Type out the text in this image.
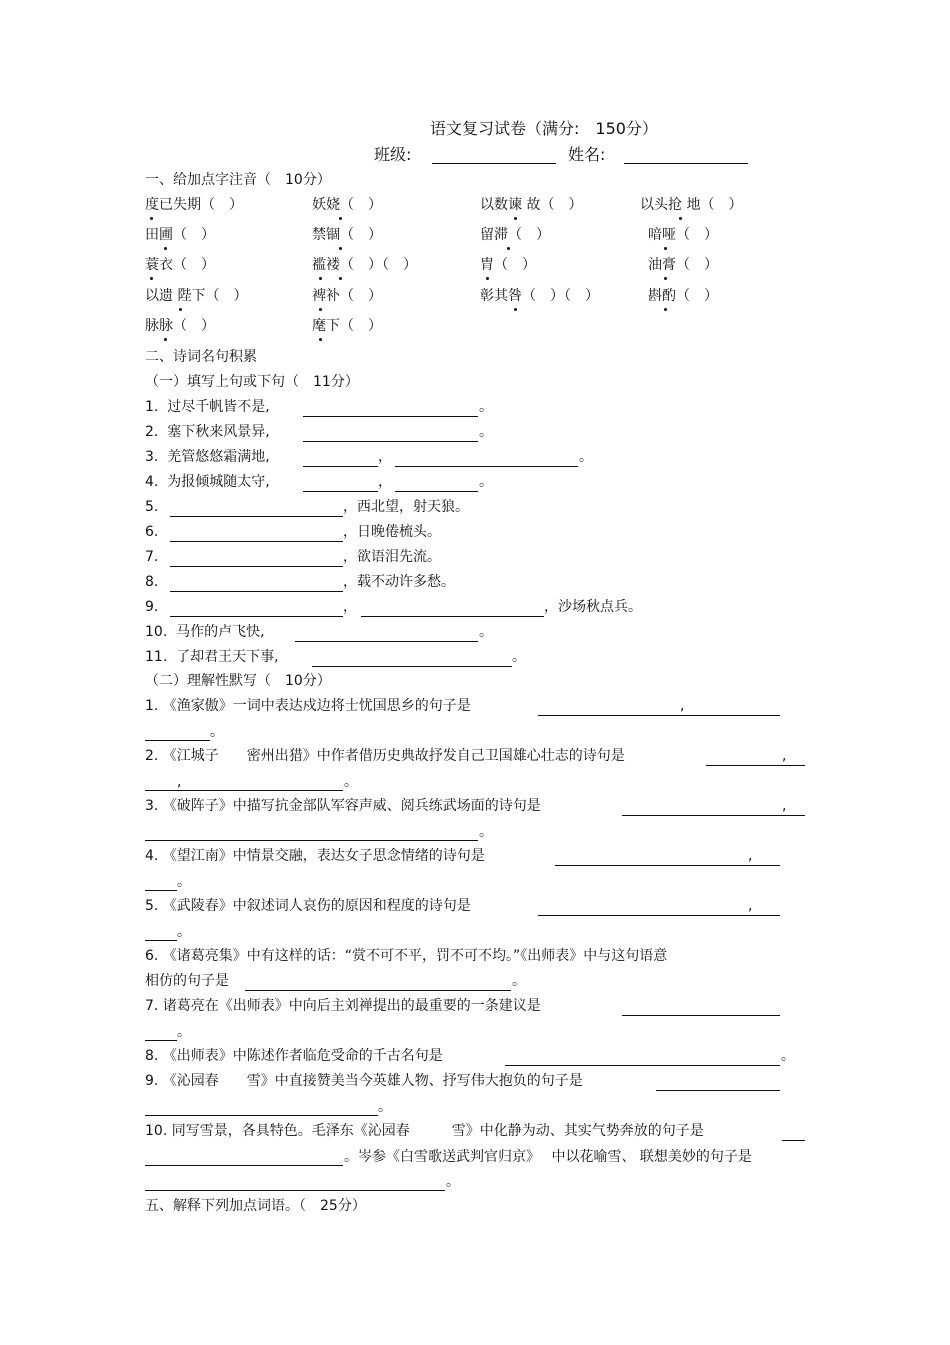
语文复习试卷（满分:　150分）
班级:	姓名:
一、给加点字注音（　10分）
度已失期（　）	妖娆（　）	以数谏 故（　）	以头抢 地（　）
田圃（　）	禁锢（　）	留滞（　）	喑哑（　）
蓑衣（　）	褴褛（　）（　）	胄（　）	油膏（　）
以遗 陛下（　）	裨补（　）	彰其咎（　）（　）	斟酌（　）
脉脉（　）	麾下（　）
二、诗词名句积累
（一）填写上句或下句（　11分）
1. 过尽千帆皆不是,	。
2. 塞下秋来风景异,	。
3. 羌管悠悠霜满地,	，	。
4. 为报倾城随太守,	，	。
5.	，西北望，射天狼。
6.	，日晚倦梳头。
7.	，欲语泪先流。
8.	，载不动许多愁。
9.	，	，沙场秋点兵。
10. 马作的卢飞快,	。
11. 了却君王天下事,	。
（二）理解性默写（　10分）
1. 《渔家傲》一词中表达戍边将士忧国思乡的句子是	,
。
2. 《江城子　　密州出猎》中作者借历史典故抒发自己卫国雄心壮志的诗句是	,
,	。
3. 《破阵子》中描写抗金部队军容声威、阅兵练武场面的诗句是	,
。
4. 《望江南》中情景交融，表达女子思念情绪的诗句是	,
。
5. 《武陵春》中叙述词人哀伤的原因和程度的诗句是	,
。
6. 《诸葛亮集》中有这样的话：“赏不可不平，罚不可不均。”《出师表》中与这句语意
相仿的句子是	。
7. 诸葛亮在《出师表》中向后主刘禅提出的最重要的一条建议是
。
8. 《出师表》中陈述作者临危受命的千古名句是	。
9. 《沁园春　　雪》中直接赞美当今英雄人物、抒写伟大抱负的句子是
。
10. 同写雪景，各具特色。毛泽东《沁园春　　　雪》中化静为动、其实气势奔放的句子是
。岑参《白雪歌送武判官归京》　 中以花喻雪、 联想美妙的句子是
。
五、解释下列加点词语。（　25分）
